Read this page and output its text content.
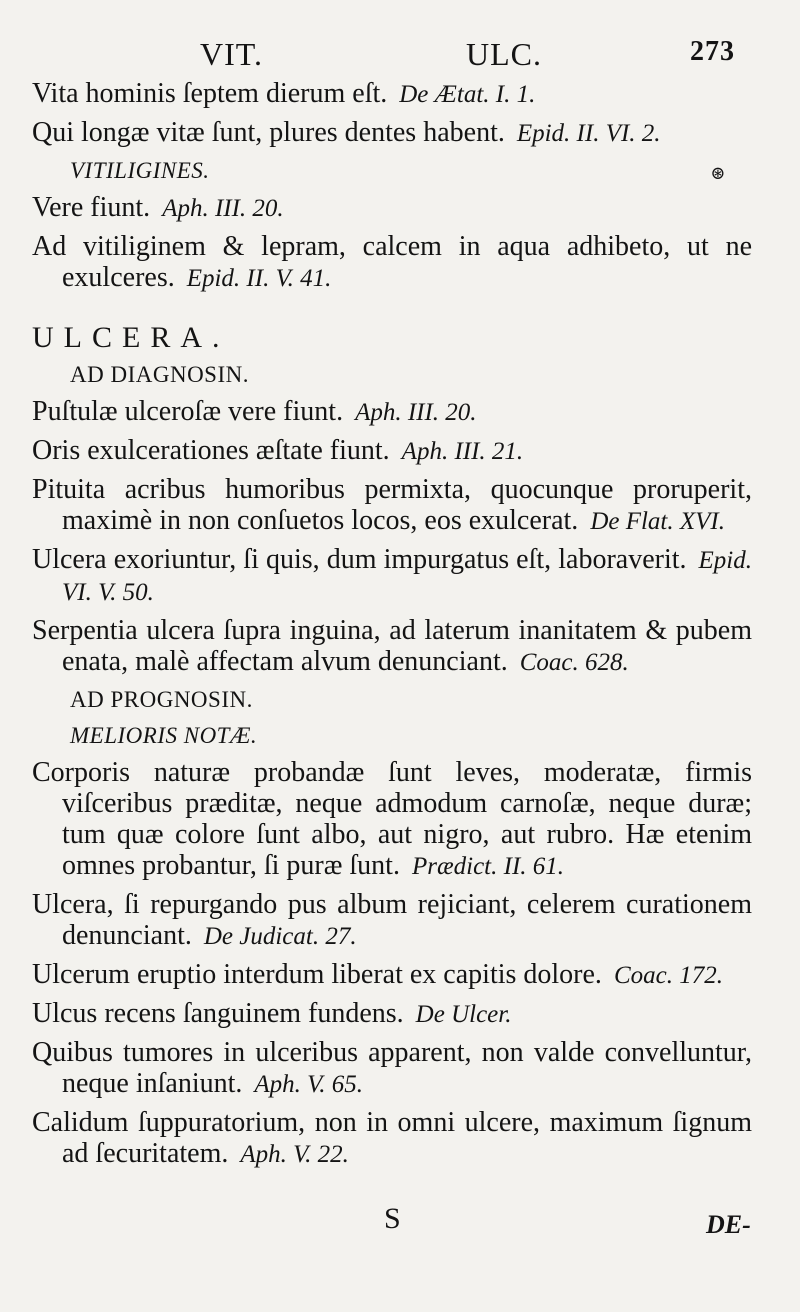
VIT.	ULC.	273

Vita hominis ſeptem dierum eſt. De Ætat. I. 1.

Qui longæ vitæ ſunt, plures dentes habent. Epid. II. VI. 2.

VITILIGINES.	⊛

Vere fiunt. Aph. III. 20.

Ad vitiliginem & lepram, calcem in aqua adhibeto, ut ne exulceres. Epid. II. V. 41.

ULCERA.
AD DIAGNOSIN.

Puſtulæ ulceroſæ vere fiunt. Aph. III. 20.

Oris exulcerationes æſtate fiunt. Aph. III. 21.

Pituita acribus humoribus permixta, quocunque proruperit, maximè in non conſuetos locos, eos exulcerat. De Flat. XVI.

Ulcera exoriuntur, ſi quis, dum impurgatus eſt, laboraverit. Epid. VI. V. 50.

Serpentia ulcera ſupra inguina, ad laterum inanitatem & pubem enata, malè affectam alvum denunciant. Coac. 628.

AD PROGNOSIN.
MELIORIS NOTÆ.

Corporis naturæ probandæ ſunt leves, moderatæ, firmis viſceribus præditæ, neque admodum carnoſæ, neque duræ; tum quæ colore ſunt albo, aut nigro, aut rubro. Hæ etenim omnes probantur, ſi puræ ſunt. Prædict. II. 61.

Ulcera, ſi repurgando pus album rejiciant, celerem curationem denunciant. De Judicat. 27.

Ulcerum eruptio interdum liberat ex capitis dolore. Coac. 172.

Ulcus recens ſanguinem fundens. De Ulcer.

Quibus tumores in ulceribus apparent, non valde convelluntur, neque inſaniunt. Aph. V. 65.

Calidum ſuppuratorium, non in omni ulcere, maximum ſignum ad ſecuritatem. Aph. V. 22.

S	DE-
